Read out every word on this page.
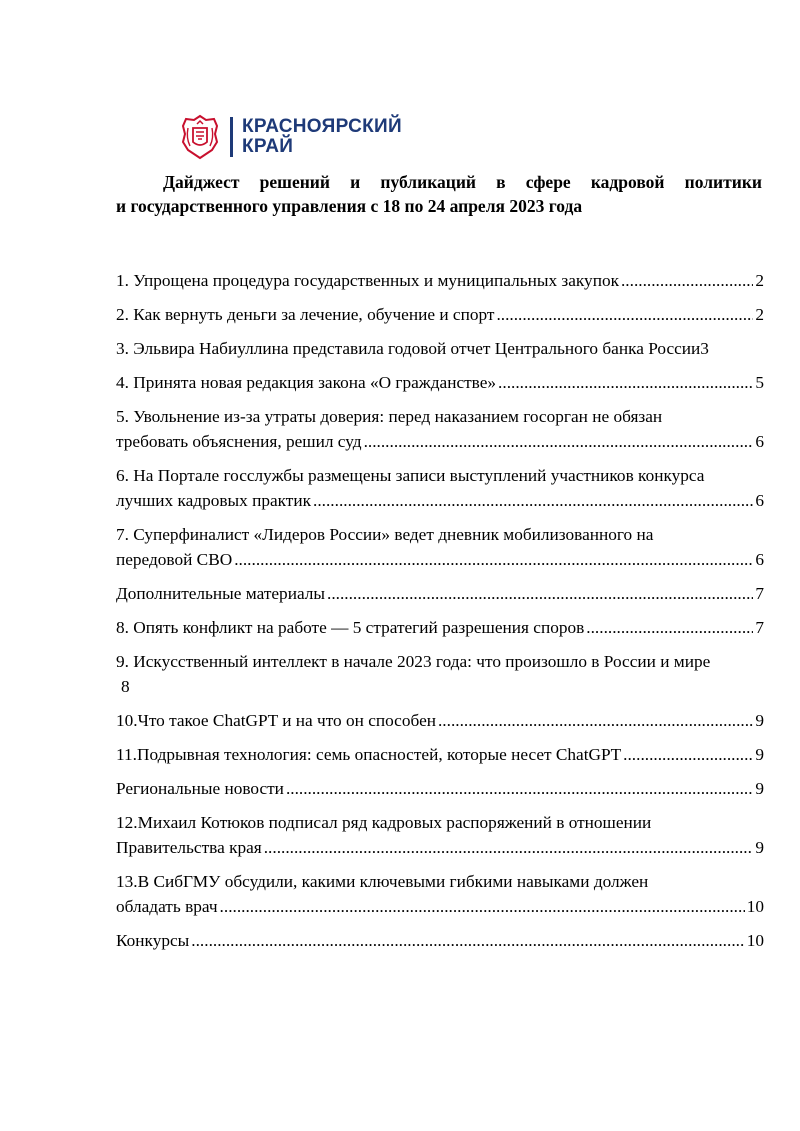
КРАСНОЯРСКИЙ
КРАЙ
Дайджест решений и публикаций в сфере кадровой политики
и государственного управления с 18 по 24 апреля 2023 года
1. Упрощена процедура государственных и муниципальных закупок .....	2
2. Как вернуть деньги за лечение, обучение и спорт .....	2
3. Эльвира Набиуллина представила годовой отчет Центрального банка России3
4. Принята новая редакция закона «О гражданстве» .....	5
5. Увольнение из-за утраты доверия: перед наказанием госорган не обязан
требовать объяснения, решил суд .....	6
6. На Портале госслужбы размещены записи выступлений участников конкурса
лучших кадровых практик .....	6
7. Суперфиналист «Лидеров России» ведет дневник мобилизованного на
передовой СВО .....	6
Дополнительные материалы .....	7
8. Опять конфликт на работе — 5 стратегий разрешения споров .....	7
9. Искусственный интеллект в начале 2023 года: что произошло в России и мире
8
10.Что такое ChatGPT и на что он способен .....	9
11.Подрывная технология: семь опасностей, которые несет ChatGPT .....	9
Региональные новости .....	9
12.Михаил Котюков подписал ряд кадровых распоряжений в отношении
Правительства края .....	9
13.В СибГМУ обсудили, какими ключевыми гибкими навыками должен
обладать врач .....	10
Конкурсы .....	10
